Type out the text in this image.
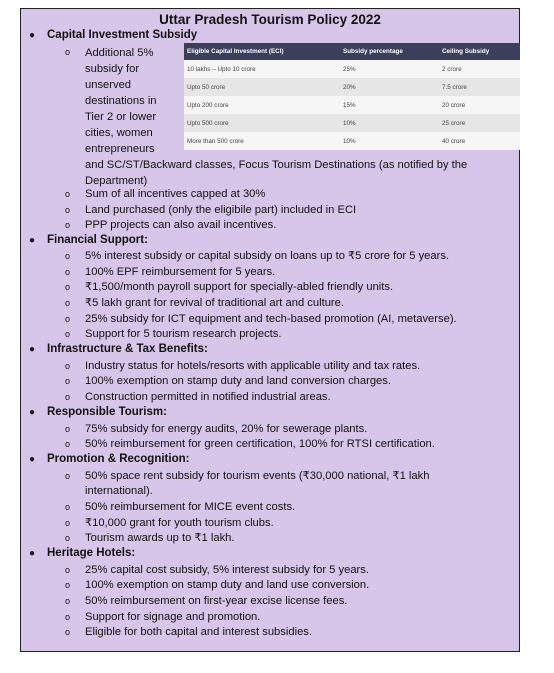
Uttar Pradesh Tourism Policy 2022
● Capital Investment Subsidy
o Additional 5%
subsidy for
unserved
destinations in
Tier 2 or lower
cities, women
entrepreneurs
and SC/ST/Backward classes, Focus Tourism Destinations (as notified by the
Department)
Eligible Capital Investment (ECI)	Subsidy percentage	Ceiling Subsidy
10 lakhs – Upto 10 crore	25%	2 crore
Upto 50 crore	20%	7.5 crore
Upto 200 crore	15%	20 crore
Upto 500 crore	10%	25 crore
More than 500 crore	10%	40 crore
o Sum of all incentives capped at 30%
o Land purchased (only the eligibile part) included in ECI
o PPP projects can also avail incentives.
● Financial Support:
o 5% interest subsidy or capital subsidy on loans up to ₹5 crore for 5 years.
o 100% EPF reimbursement for 5 years.
o ₹1,500/month payroll support for specially-abled friendly units.
o ₹5 lakh grant for revival of traditional art and culture.
o 25% subsidy for ICT equipment and tech-based promotion (AI, metaverse).
o Support for 5 tourism research projects.
● Infrastructure & Tax Benefits:
o Industry status for hotels/resorts with applicable utility and tax rates.
o 100% exemption on stamp duty and land conversion charges.
o Construction permitted in notified industrial areas.
● Responsible Tourism:
o 75% subsidy for energy audits, 20% for sewerage plants.
o 50% reimbursement for green certification, 100% for RTSI certification.
● Promotion & Recognition:
o 50% space rent subsidy for tourism events (₹30,000 national, ₹1 lakh
international).
o 50% reimbursement for MICE event costs.
o ₹10,000 grant for youth tourism clubs.
o Tourism awards up to ₹1 lakh.
● Heritage Hotels:
o 25% capital cost subsidy, 5% interest subsidy for 5 years.
o 100% exemption on stamp duty and land use conversion.
o 50% reimbursement on first-year excise license fees.
o Support for signage and promotion.
o Eligible for both capital and interest subsidies.
